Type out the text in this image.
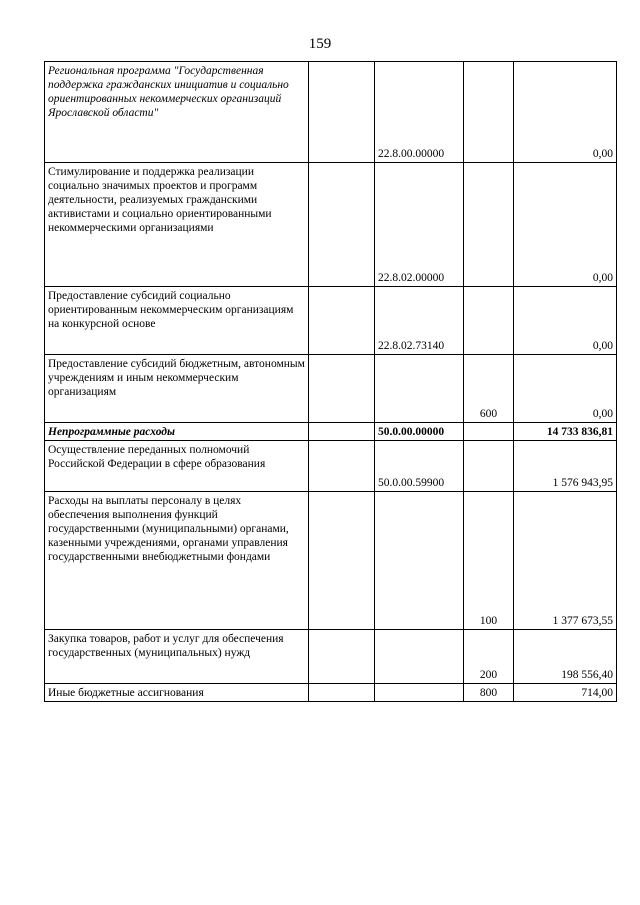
159
Региональная программа "Государственная поддержка гражданских инициатив и социально ориентированных некоммерческих организаций Ярославской области"		22.8.00.00000		0,00
Стимулирование и поддержка реализации социально значимых проектов и программ деятельности, реализуемых гражданскими активистами и социально ориентированными некоммерческими организациями		22.8.02.00000		0,00
Предоставление субсидий социально ориентированным некоммерческим организациям на конкурсной основе		22.8.02.73140		0,00
Предоставление субсидий бюджетным, автономным учреждениям и иным некоммерческим организациям			600	0,00
Непрограммные расходы		50.0.00.00000		14 733 836,81
Осуществление переданных полномочий Российской Федерации в сфере образования		50.0.00.59900		1 576 943,95
Расходы на выплаты персоналу в целях обеспечения выполнения функций государственными (муниципальными) органами, казенными учреждениями, органами управления государственными внебюджетными фондами			100	1 377 673,55
Закупка товаров, работ и услуг для обеспечения государственных (муниципальных) нужд			200	198 556,40
Иные бюджетные ассигнования			800	714,00
